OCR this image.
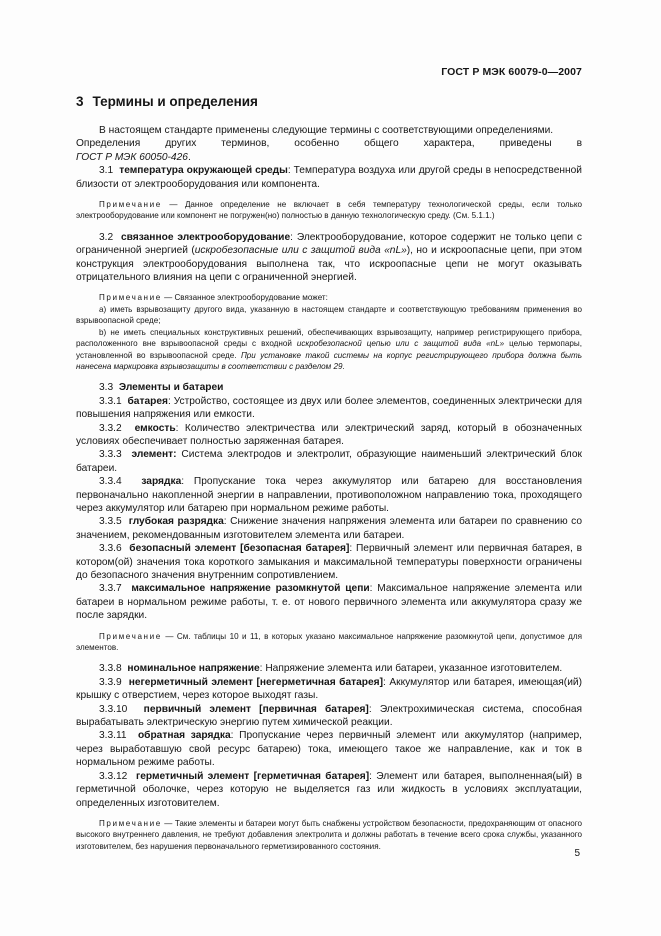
ГОСТ Р МЭК 60079-0—2007
3 Термины и определения

В настоящем стандарте применены следующие термины с соответствующими определениями.

Определения других терминов, особенно общего характера, приведены в

ГОСТ Р МЭК 60050-426.

3.1 температура окружающей среды: Температура воздуха или другой среды в непосредственной близости от электрооборудования или компонента.

Примечание — Данное определение не включает в себя температуру технологической среды, если только электрооборудование или компонент не погружен(но) полностью в данную технологическую среду. (См. 5.1.1.)

3.2 связанное электрооборудование: Электрооборудование, которое содержит не только цепи с ограниченной энергией (искробезопасные или с защитой вида «nL»), но и искроопасные цепи, при этом конструкция электрооборудования выполнена так, что искроопасные цепи не могут оказывать отрицательного влияния на цепи с ограниченной энергией.

Примечание — Связанное электрооборудование может:

а) иметь взрывозащиту другого вида, указанную в настоящем стандарте и соответствующую требованиям применения во взрывоопасной среде;

b) не иметь специальных конструктивных решений, обеспечивающих взрывозащиту, например регистрирующего прибора, расположенного вне взрывоопасной среды с входной искробезопасной цепью или с защитой вида «nL» целью термопары, установленной во взрывоопасной среде. При установке такой системы на корпус регистрирующего прибора должна быть нанесена маркировка взрывозащиты в соответствии с разделом 29.

3.3 Элементы и батареи

3.3.1 батарея: Устройство, состоящее из двух или более элементов, соединенных электрически для повышения напряжения или емкости.

3.3.2 емкость: Количество электричества или электрический заряд, который в обозначенных условиях обеспечивает полностью заряженная батарея.

3.3.3 элемент: Система электродов и электролит, образующие наименьший электрический блок батареи.

3.3.4 зарядка: Пропускание тока через аккумулятор или батарею для восстановления первоначально накопленной энергии в направлении, противоположном направлению тока, проходящего через аккумулятор или батарею при нормальном режиме работы.

3.3.5 глубокая разрядка: Снижение значения напряжения элемента или батареи по сравнению со значением, рекомендованным изготовителем элемента или батареи.

3.3.6 безопасный элемент [безопасная батарея]: Первичный элемент или первичная батарея, в котором(ой) значения тока короткого замыкания и максимальной температуры поверхности ограничены до безопасного значения внутренним сопротивлением.

3.3.7 максимальное напряжение разомкнутой цепи: Максимальное напряжение элемента или батареи в нормальном режиме работы, т. е. от нового первичного элемента или аккумулятора сразу же после зарядки.

Примечание — См. таблицы 10 и 11, в которых указано максимальное напряжение разомкнутой цепи, допустимое для элементов.

3.3.8 номинальное напряжение: Напряжение элемента или батареи, указанное изготовителем.

3.3.9 негерметичный элемент [негерметичная батарея]: Аккумулятор или батарея, имеющая(ий) крышку с отверстием, через которое выходят газы.

3.3.10 первичный элемент [первичная батарея]: Электрохимическая система, способная вырабатывать электрическую энергию путем химической реакции.

3.3.11 обратная зарядка: Пропускание через первичный элемент или аккумулятор (например, через выработавшую свой ресурс батарею) тока, имеющего такое же направление, как и ток в нормальном режиме работы.

3.3.12 герметичный элемент [герметичная батарея]: Элемент или батарея, выполненная(ый) в герметичной оболочке, через которую не выделяется газ или жидкость в условиях эксплуатации, определенных изготовителем.

Примечание — Такие элементы и батареи могут быть снабжены устройством безопасности, предохраняющим от опасного высокого внутреннего давления, не требуют добавления электролита и должны работать в течение всего срока службы, указанного изготовителем, без нарушения первоначального герметизированного состояния.

5
